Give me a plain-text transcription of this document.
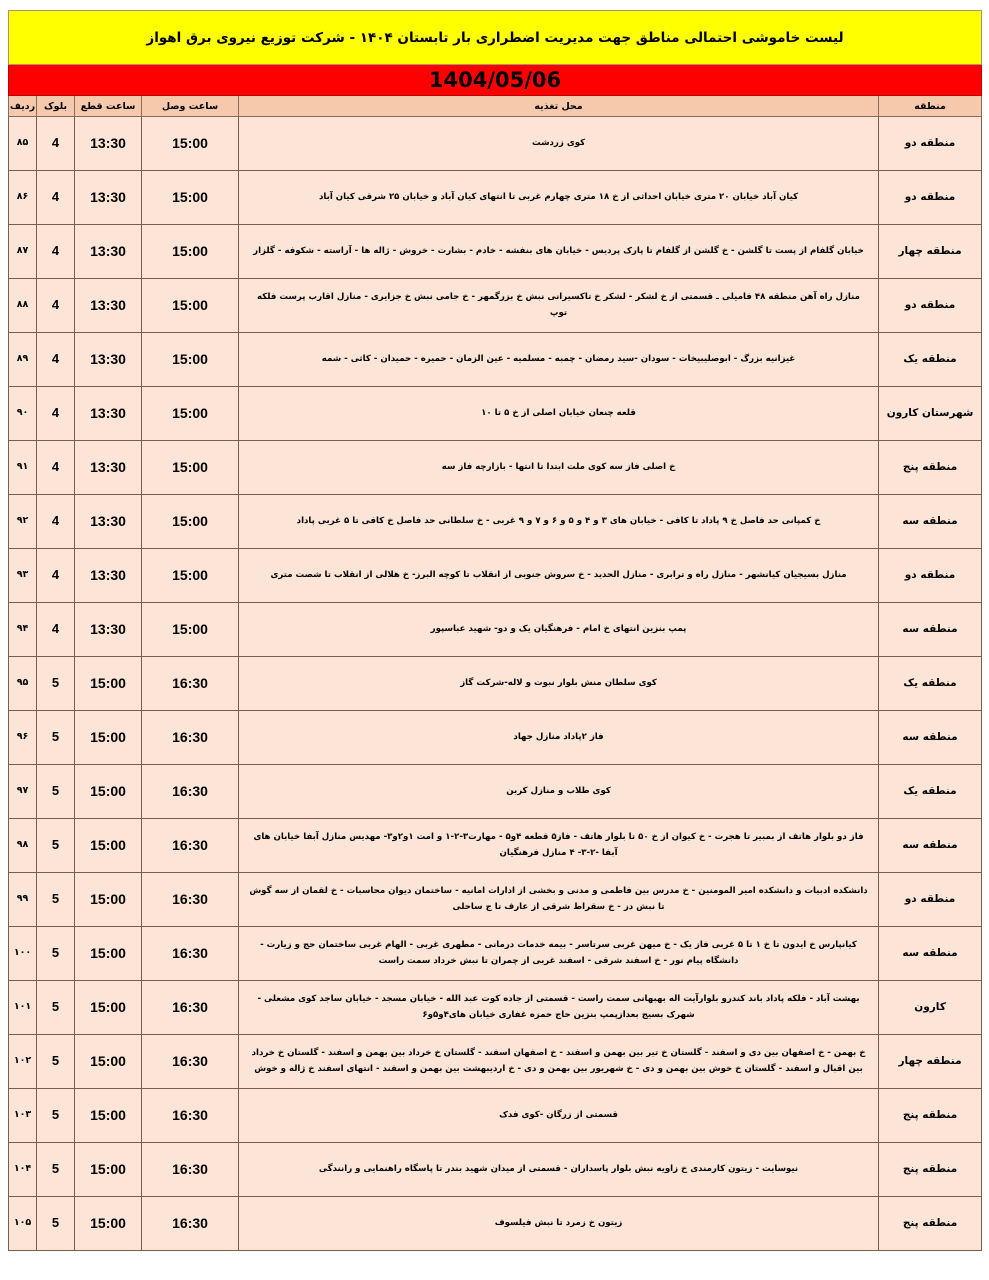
لیست خاموشی احتمالی مناطق جهت مدیریت اضطراری بار تابستان ۱۴۰۴ - شرکت توزیع نیروی برق اهواز					
1404/05/06					
منطقه	محل تغذیه	ساعت وصل	ساعت قطع	بلوک	ردیف
منطقه دو	کوی زردشت	15:00	13:30	4	۸۵
منطقه دو	کیان آباد خیابان ۲۰ متری خیابان احداثی از خ ۱۸ متری چهارم غربی تا انتهای کیان آباد و خیابان ۲۵ شرقی کیان آباد	15:00	13:30	4	۸۶
منطقه چهار	خیابان گلفام از پست تا گلشن - خ گلشن از گلفام تا پارک پردیس - خیابان های بنفشه - خادم - بشارت - خروش - ژاله ها - آراسته - شکوفه - گلزار	15:00	13:30	4	۸۷
منطقه دو	منازل راه آهن منطقه ۴۸ فامیلی ـ قسمتی از خ لشکر - لشکر خ تاکسیرانی نبش خ بزرگمهر - خ جامی نبش خ جزایری - منازل اقارب پرست فلکه توپ	15:00	13:30	4	۸۸
منطقه یک	غیزانیه بزرگ - ابوصلیبیخات - سودان -سید رمضان - چمبه - مسلمیه - عین الزمان - حمیره - حمیدان - کاثی - شمه	15:00	13:30	4	۸۹
شهرستان کارون	قلعه چنعان خیابان اصلی از خ ۵ تا ۱۰	15:00	13:30	4	۹۰
منطقه پنج	خ اصلی فاز سه کوی ملت ابتدا تا انتها - بازارچه فاز سه	15:00	13:30	4	۹۱
منطقه سه	خ کمپانی حد فاصل خ ۹ پاداد تا کافی - خیابان های ۳ و ۴ و ۵ و ۶ و ۷ و ۹ غربی - خ سلطانی حد فاصل خ کافی تا ۵ غربی پاداد	15:00	13:30	4	۹۲
منطقه دو	منازل بسیجیان کیانشهر - منازل راه و ترابری - منازل الحدید - خ سروش جنوبی از انقلاب تا کوچه البرز- خ هلالی از انقلاب تا شصت متری	15:00	13:30	4	۹۳
منطقه سه	پمپ بنزین انتهای خ امام - فرهنگیان یک و دو- شهید عباسپور	15:00	13:30	4	۹۴
منطقه یک	کوی سلطان منش بلوار نبوت و لاله-شرکت گاز	16:30	15:00	5	۹۵
منطقه سه	فاز ۲پاداد منازل جهاد	16:30	15:00	5	۹۶
منطقه یک	کوی طلاب و منازل کربن	16:30	15:00	5	۹۷
منطقه سه	فاز دو بلوار هاتف از بمبیر تا هجرت - خ کیوان از خ ۵۰ تا بلوار هاتف - فاز۵ قطعه ۴و۵ - مهارت۳-۲-۱ و امت ۱و۲و۳- مهدیس منازل آبفا خیابان های آبفا -۲-۳- ۴ منازل فرهنگیان	16:30	15:00	5	۹۸
منطقه دو	دانشکده ادبیات و دانشکده امیر المومنین - خ مدرس بین فاطمی و مدنی و بخشی از ادارات امانیه - ساختمان دیوان محاسبات - خ لقمان از سه گوش تا نبش دز - خ سقراط شرقی از عارف تا ج ساحلی	16:30	15:00	5	۹۹
منطقه سه	کیانپارس خ ایدون تا خ ۱ تا ۵ غربی فاز یک - خ میهن غربی سرتاسر - بیمه خدمات درمانی - مطهری غربی - الهام غربی ساختمان حج و زیارت - دانشگاه پیام نور - خ اسفند شرقی - اسفند غربی از چمران تا نبش خرداد سمت راست	16:30	15:00	5	۱۰۰
کارون	بهشت آباد - فلکه پاداد باند کندرو بلوارآیت اله بهبهانی سمت راست - قسمتی از جاده کوت عبد الله - خیابان مسجد - خیابان ساجد کوی مشعلی - شهرک بسیج بعدازپمپ بنزین حاج حمزه غفاری خیابان های۴و۵و۶	16:30	15:00	5	۱۰۱
منطقه چهار	خ بهمن - خ اصفهان بین دی و اسفند - گلستان خ تیر بین بهمن و اسفند - خ اصفهان اسفند - گلستان خ خرداد بین بهمن و اسفند - گلستان خ خرداد بین اقبال و اسفند - گلستان خ خوش بین بهمن و دی - خ شهریور بین بهمن و دی - خ اردیبهشت بین بهمن و اسفند - انتهای اسفند خ ژاله و خوش	16:30	15:00	5	۱۰۲
منطقه پنج	قسمتی از زرگان -کوی فدک	16:30	15:00	5	۱۰۳
منطقه پنج	نیوسایت - زیتون کارمندی خ زاویه نبش بلوار پاسداران - قسمتی از میدان شهید بندر تا پاسگاه راهنمایی و رانندگی	16:30	15:00	5	۱۰۴
منطقه پنج	زیتون خ زمرد تا نبش فیلسوف	16:30	15:00	5	۱۰۵
